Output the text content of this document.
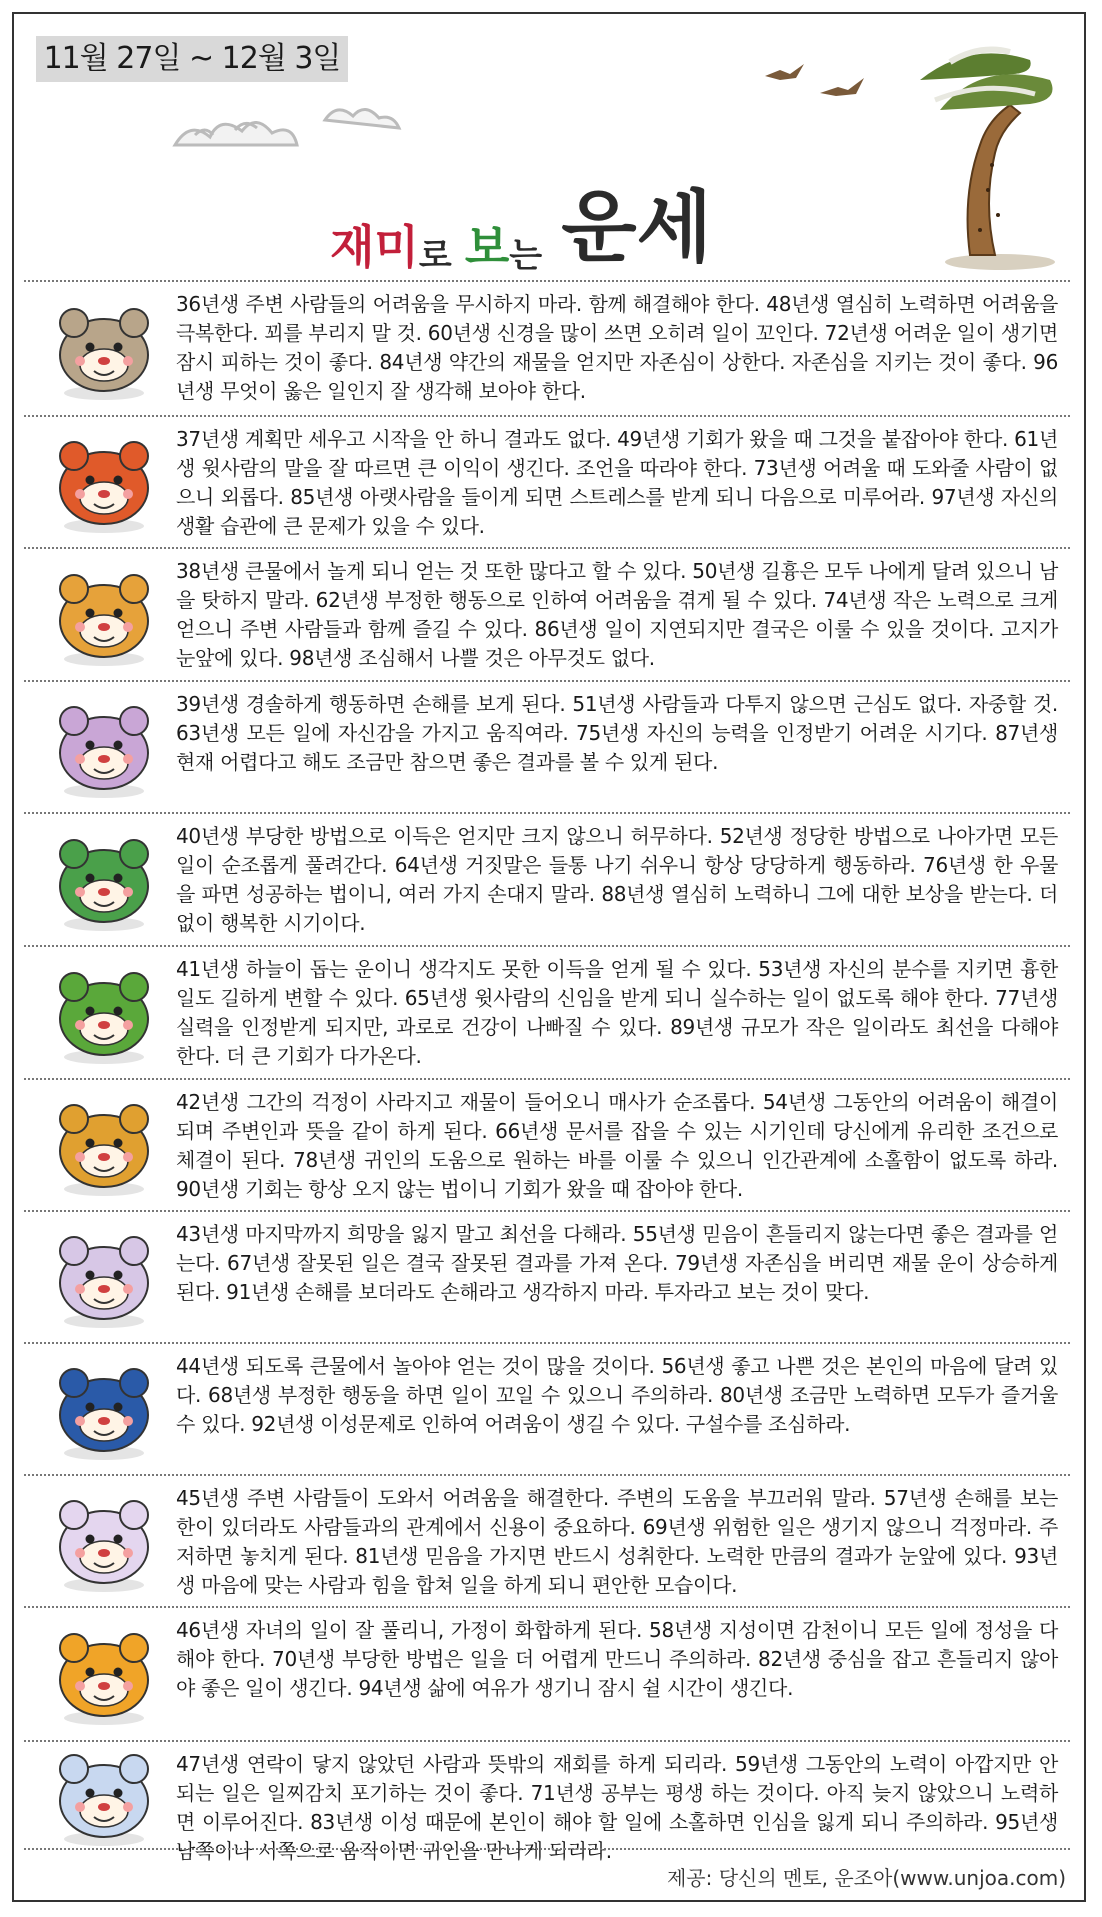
11월 27일 ~ 12월 3일
재미로 보는 운세

36년생 주변 사람들의 어려움을 무시하지 마라. 함께 해결해야 한다. 48년생 열심히 노력하면 어려움을 극복한다. 꾀를 부리지 말 것. 60년생 신경을 많이 쓰면 오히려 일이 꼬인다. 72년생 어려운 일이 생기면 잠시 피하는 것이 좋다. 84년생 약간의 재물을 얻지만 자존심이 상한다. 자존심을 지키는 것이 좋다. 96년생 무엇이 옳은 일인지 잘 생각해 보아야 한다.

37년생 계획만 세우고 시작을 안 하니 결과도 없다. 49년생 기회가 왔을 때 그것을 붙잡아야 한다. 61년생 윗사람의 말을 잘 따르면 큰 이익이 생긴다. 조언을 따라야 한다. 73년생 어려울 때 도와줄 사람이 없으니 외롭다. 85년생 아랫사람을 들이게 되면 스트레스를 받게 되니 다음으로 미루어라. 97년생 자신의 생활 습관에 큰 문제가 있을 수 있다.

38년생 큰물에서 놀게 되니 얻는 것 또한 많다고 할 수 있다. 50년생 길흉은 모두 나에게 달려 있으니 남을 탓하지 말라. 62년생 부정한 행동으로 인하여 어려움을 겪게 될 수 있다. 74년생 작은 노력으로 크게 얻으니 주변 사람들과 함께 즐길 수 있다. 86년생 일이 지연되지만 결국은 이룰 수 있을 것이다. 고지가 눈앞에 있다. 98년생 조심해서 나쁠 것은 아무것도 없다.

39년생 경솔하게 행동하면 손해를 보게 된다. 51년생 사람들과 다투지 않으면 근심도 없다. 자중할 것. 63년생 모든 일에 자신감을 가지고 움직여라. 75년생 자신의 능력을 인정받기 어려운 시기다. 87년생 현재 어렵다고 해도 조금만 참으면 좋은 결과를 볼 수 있게 된다.

40년생 부당한 방법으로 이득은 얻지만 크지 않으니 허무하다. 52년생 정당한 방법으로 나아가면 모든 일이 순조롭게 풀려간다. 64년생 거짓말은 들통 나기 쉬우니 항상 당당하게 행동하라. 76년생 한 우물을 파면 성공하는 법이니, 여러 가지 손대지 말라. 88년생 열심히 노력하니 그에 대한 보상을 받는다. 더없이 행복한 시기이다.

41년생 하늘이 돕는 운이니 생각지도 못한 이득을 얻게 될 수 있다. 53년생 자신의 분수를 지키면 흉한 일도 길하게 변할 수 있다. 65년생 윗사람의 신임을 받게 되니 실수하는 일이 없도록 해야 한다. 77년생 실력을 인정받게 되지만, 과로로 건강이 나빠질 수 있다. 89년생 규모가 작은 일이라도 최선을 다해야 한다. 더 큰 기회가 다가온다.

42년생 그간의 걱정이 사라지고 재물이 들어오니 매사가 순조롭다. 54년생 그동안의 어려움이 해결이 되며 주변인과 뜻을 같이 하게 된다. 66년생 문서를 잡을 수 있는 시기인데 당신에게 유리한 조건으로 체결이 된다. 78년생 귀인의 도움으로 원하는 바를 이룰 수 있으니 인간관계에 소홀함이 없도록 하라. 90년생 기회는 항상 오지 않는 법이니 기회가 왔을 때 잡아야 한다.

43년생 마지막까지 희망을 잃지 말고 최선을 다해라. 55년생 믿음이 흔들리지 않는다면 좋은 결과를 얻는다. 67년생 잘못된 일은 결국 잘못된 결과를 가져 온다. 79년생 자존심을 버리면 재물 운이 상승하게 된다. 91년생 손해를 보더라도 손해라고 생각하지 마라. 투자라고 보는 것이 맞다.

44년생 되도록 큰물에서 놀아야 얻는 것이 많을 것이다. 56년생 좋고 나쁜 것은 본인의 마음에 달려 있다. 68년생 부정한 행동을 하면 일이 꼬일 수 있으니 주의하라. 80년생 조금만 노력하면 모두가 즐거울 수 있다. 92년생 이성문제로 인하여 어려움이 생길 수 있다. 구설수를 조심하라.

45년생 주변 사람들이 도와서 어려움을 해결한다. 주변의 도움을 부끄러워 말라. 57년생 손해를 보는 한이 있더라도 사람들과의 관계에서 신용이 중요하다. 69년생 위험한 일은 생기지 않으니 걱정마라. 주저하면 놓치게 된다. 81년생 믿음을 가지면 반드시 성취한다. 노력한 만큼의 결과가 눈앞에 있다. 93년생 마음에 맞는 사람과 힘을 합쳐 일을 하게 되니 편안한 모습이다.

46년생 자녀의 일이 잘 풀리니, 가정이 화합하게 된다. 58년생 지성이면 감천이니 모든 일에 정성을 다해야 한다. 70년생 부당한 방법은 일을 더 어렵게 만드니 주의하라. 82년생 중심을 잡고 흔들리지 않아야 좋은 일이 생긴다. 94년생 삶에 여유가 생기니 잠시 쉴 시간이 생긴다.

47년생 연락이 닿지 않았던 사람과 뜻밖의 재회를 하게 되리라. 59년생 그동안의 노력이 아깝지만 안 되는 일은 일찌감치 포기하는 것이 좋다. 71년생 공부는 평생 하는 것이다. 아직 늦지 않았으니 노력하면 이루어진다. 83년생 이성 때문에 본인이 해야 할 일에 소홀하면 인심을 잃게 되니 주의하라. 95년생 남쪽이나 서쪽으로 움직이면 귀인을 만나게 되리라.

제공: 당신의 멘토, 운조아(www.unjoa.com)
